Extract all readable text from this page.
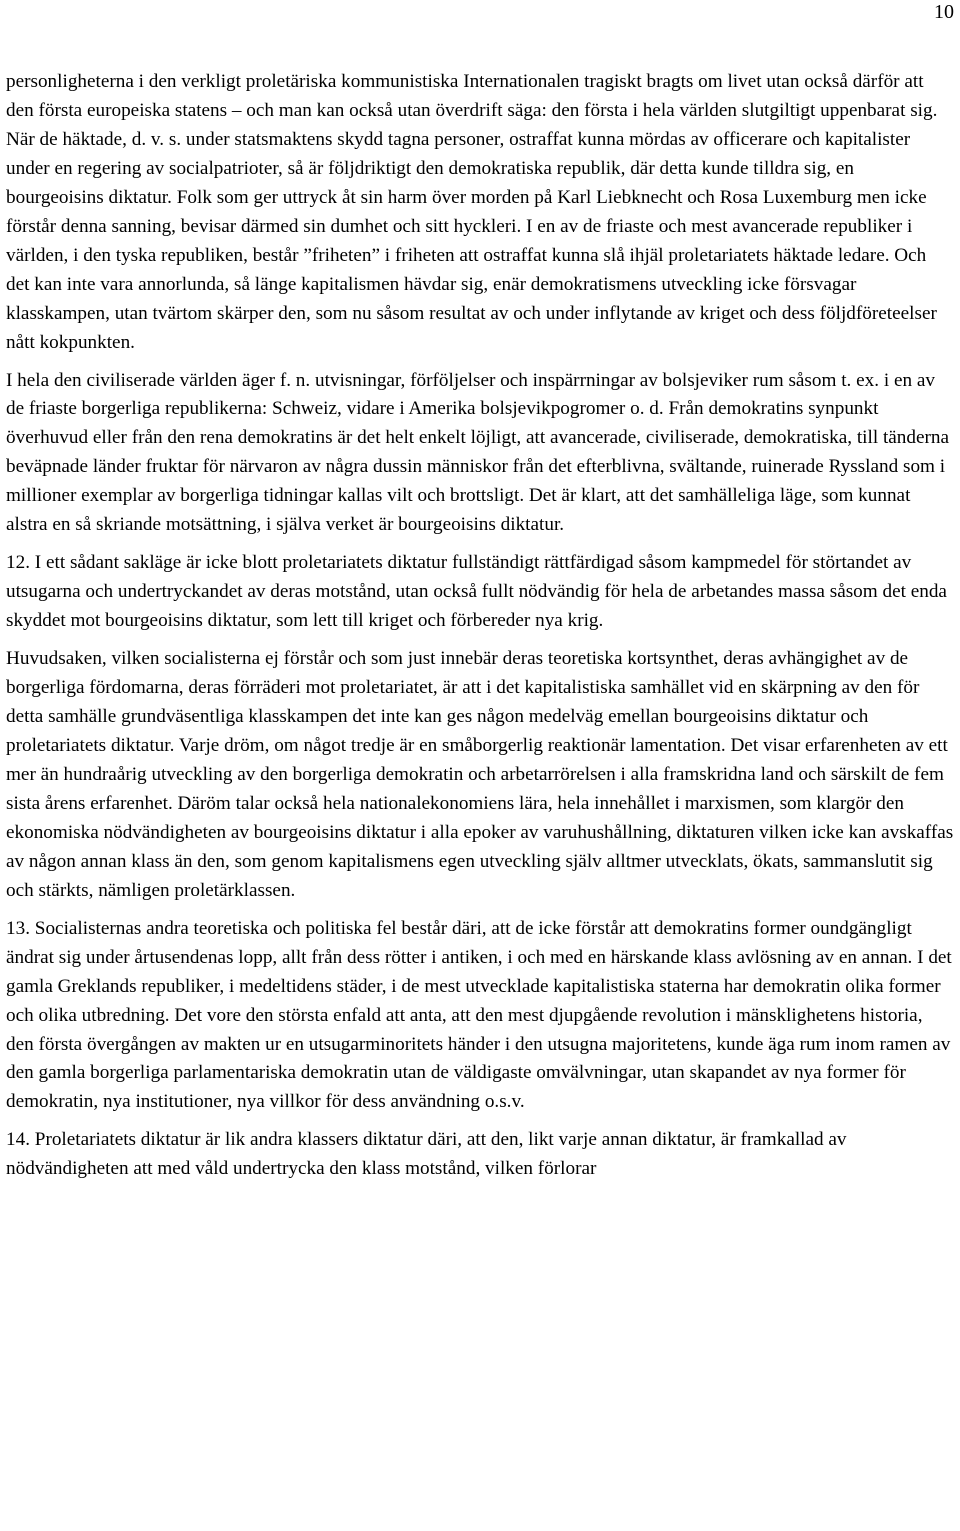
10

personligheterna i den verkligt proletäriska kommunistiska Internationalen tragiskt bragts om livet utan också därför att den första europeiska statens – och man kan också utan överdrift säga: den första i hela världen slutgiltigt uppenbarat sig. När de häktade, d. v. s. under statsmaktens skydd tagna personer, ostraffat kunna mördas av officerare och kapitalister under en regering av socialpatrioter, så är följdriktigt den demokratiska republik, där detta kunde tilldra sig, en bourgeoisins diktatur. Folk som ger uttryck åt sin harm över morden på Karl Liebknecht och Rosa Luxemburg men icke förstår denna sanning, bevisar därmed sin dumhet och sitt hyckleri. I en av de friaste och mest avancerade republiker i världen, i den tyska republiken, består ”friheten” i friheten att ostraffat kunna slå ihjäl proletariatets häktade ledare. Och det kan inte vara annorlunda, så länge kapitalismen hävdar sig, enär demokratismens utveckling icke försvagar klasskampen, utan tvärtom skärper den, som nu såsom resultat av och under inflytande av kriget och dess följdföreteelser nått kokpunkten.

I hela den civiliserade världen äger f. n. utvisningar, förföljelser och inspärrningar av bolsjeviker rum såsom t. ex. i en av de friaste borgerliga republikerna: Schweiz, vidare i Amerika bolsjevikpogromer o. d. Från demokratins synpunkt överhuvud eller från den rena demokratins är det helt enkelt löjligt, att avancerade, civiliserade, demokratiska, till tänderna beväpnade länder fruktar för närvaron av några dussin människor från det efterblivna, svältande, ruinerade Ryssland som i millioner exemplar av borgerliga tidningar kallas vilt och brottsligt. Det är klart, att det samhälleliga läge, som kunnat alstra en så skriande motsättning, i själva verket är bourgeoisins diktatur.

12. I ett sådant sakläge är icke blott proletariatets diktatur fullständigt rättfärdigad såsom kampmedel för störtandet av utsugarna och undertryckandet av deras motstånd, utan också fullt nödvändig för hela de arbetandes massa såsom det enda skyddet mot bourgeoisins diktatur, som lett till kriget och förbereder nya krig.

Huvudsaken, vilken socialisterna ej förstår och som just innebär deras teoretiska kortsynthet, deras avhängighet av de borgerliga fördomarna, deras förräderi mot proletariatet, är att i det kapitalistiska samhället vid en skärpning av den för detta samhälle grundväsentliga klasskampen det inte kan ges någon medelväg emellan bourgeoisins diktatur och proletariatets diktatur. Varje dröm, om något tredje är en småborgerlig reaktionär lamentation. Det visar erfarenheten av ett mer än hundraårig utveckling av den borgerliga demokratin och arbetarrörelsen i alla framskridna land och särskilt de fem sista årens erfarenhet. Däröm talar också hela nationalekonomiens lära, hela innehållet i marxismen, som klargör den ekonomiska nödvändigheten av bourgeoisins diktatur i alla epoker av varuhushållning, diktaturen vilken icke kan avskaffas av någon annan klass än den, som genom kapitalismens egen utveckling själv alltmer utvecklats, ökats, sammanslutit sig och stärkts, nämligen proletärklassen.

13. Socialisternas andra teoretiska och politiska fel består däri, att de icke förstår att demokratins former oundgängligt ändrat sig under årtusendenas lopp, allt från dess rötter i antiken, i och med en härskande klass avlösning av en annan. I det gamla Greklands republiker, i medeltidens städer, i de mest utvecklade kapitalistiska staterna har demokratin olika former och olika utbredning. Det vore den största enfald att anta, att den mest djupgående revolution i mänsklighetens historia, den första övergången av makten ur en utsugarminoritets händer i den utsugna majoritetens, kunde äga rum inom ramen av den gamla borgerliga parlamentariska demokratin utan de väldigaste omvälvningar, utan skapandet av nya former för demokratin, nya institutioner, nya villkor för dess användning o.s.v.

14. Proletariatets diktatur är lik andra klassers diktatur däri, att den, likt varje annan diktatur, är framkallad av nödvändigheten att med våld undertrycka den klass motstånd, vilken förlorar
